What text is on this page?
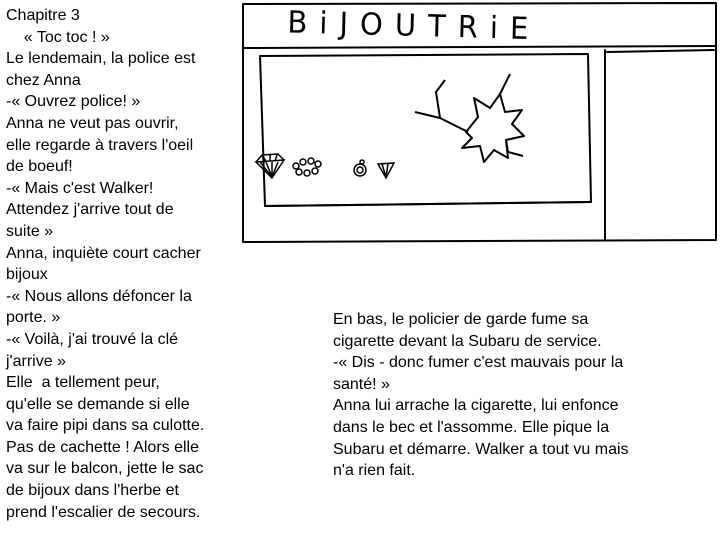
Chapitre 3
« Toc toc ! »
Le lendemain, la police est
chez Anna
-« Ouvrez police! »
Anna ne veut pas ouvrir,
elle regarde à travers l'oeil
de boeuf!
-« Mais c'est Walker!
Attendez j'arrive tout de
suite »
Anna, inquiète court cacher
bijoux
-« Nous allons défoncer la
porte. »
-« Voilà, j'ai trouvé la clé
j'arrive »
Elle  a tellement peur,
qu'elle se demande si elle
va faire pipi dans sa culotte.
Pas de cachette ! Alors elle
va sur le balcon, jette le sac
de bijoux dans l'herbe et
prend l'escalier de secours.
BiJOUTRiE
En bas, le policier de garde fume sa
cigarette devant la Subaru de service.
-« Dis - donc fumer c'est mauvais pour la
santé! »
Anna lui arrache la cigarette, lui enfonce
dans le bec et l'assomme. Elle pique la
Subaru et démarre. Walker a tout vu mais
n'a rien fait.
